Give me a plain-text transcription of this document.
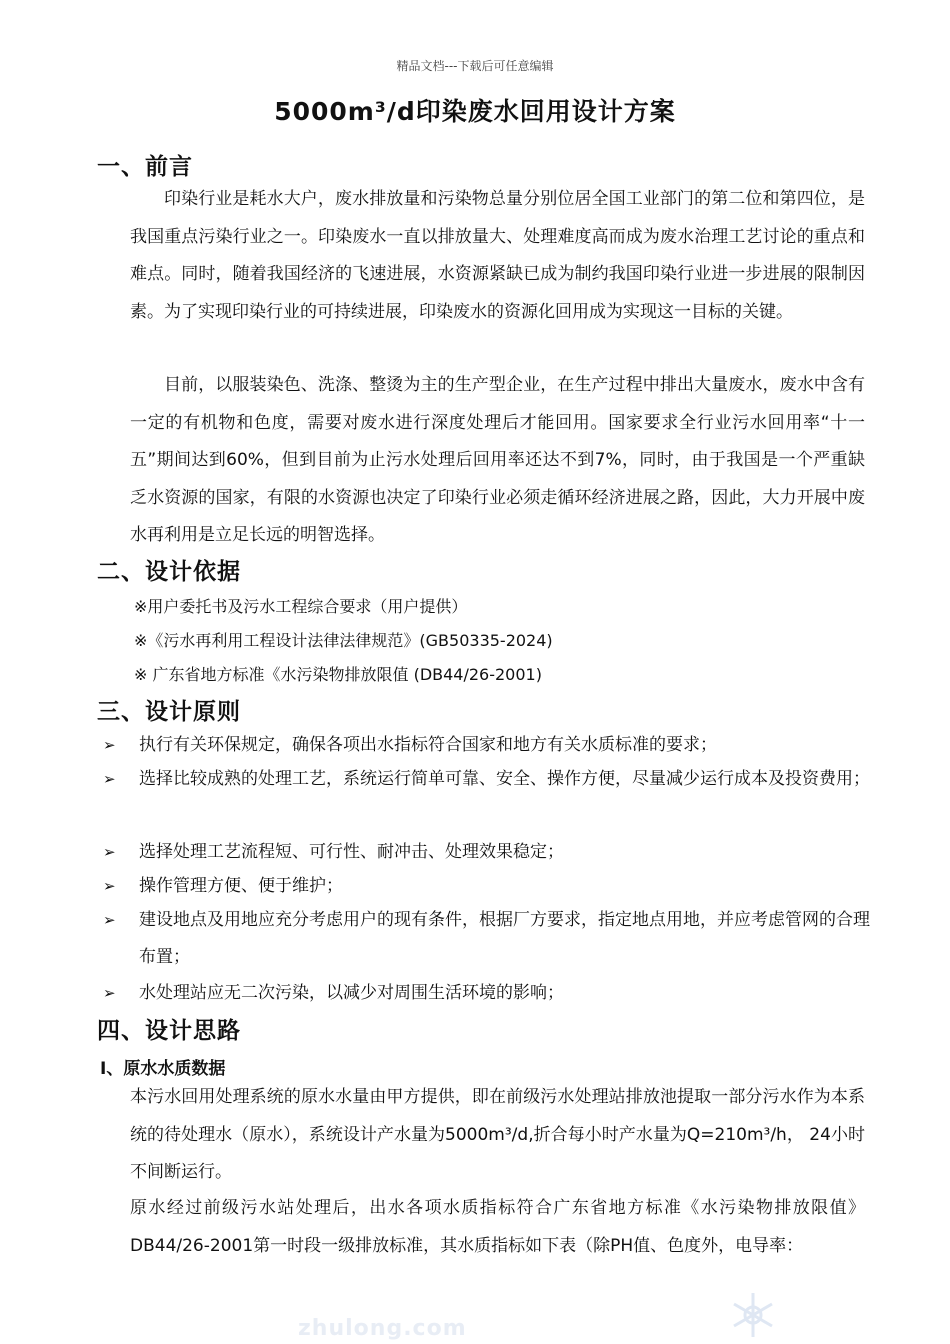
精品文档---下载后可任意编辑
5000m³/d印染废水回用设计方案
一、前言
印染行业是耗水大户，废水排放量和污染物总量分别位居全国工业部门的第二位和第四位，是我国重点污染行业之一。印染废水一直以排放量大、处理难度高而成为废水治理工艺讨论的重点和难点。同时，随着我国经济的飞速进展，水资源紧缺已成为制约我国印染行业进一步进展的限制因素。为了实现印染行业的可持续进展，印染废水的资源化回用成为实现这一目标的关键。
目前，以服装染色、洗涤、整烫为主的生产型企业，在生产过程中排出大量废水，废水中含有一定的有机物和色度，需要对废水进行深度处理后才能回用。国家要求全行业污水回用率“十一五”期间达到60%，但到目前为止污水处理后回用率还达不到7%，同时，由于我国是一个严重缺乏水资源的国家，有限的水资源也决定了印染行业必须走循环经济进展之路，因此，大力开展中废水再利用是立足长远的明智选择。
二、设计依据
※用户委托书及污水工程综合要求（用户提供）
※《污水再利用工程设计法律法律规范》(GB50335-2024)
※ 广东省地方标准《水污染物排放限值 (DB44/26-2001)
三、设计原则
➢ 执行有关环保规定，确保各项出水指标符合国家和地方有关水质标准的要求；
➢ 选择比较成熟的处理工艺，系统运行简单可靠、安全、操作方便，尽量减少运行成本及投资费用；
➢ 选择处理工艺流程短、可行性、耐冲击、处理效果稳定；
➢ 操作管理方便、便于维护；
➢ 建设地点及用地应充分考虑用户的现有条件，根据厂方要求，指定地点用地，并应考虑管网的合理布置；
➢ 水处理站应无二次污染，以减少对周围生活环境的影响；
四、设计思路
Ⅰ、原水水质数据
本污水回用处理系统的原水水量由甲方提供，即在前级污水处理站排放池提取一部分污水作为本系统的待处理水（原水），系统设计产水量为5000m³/d,折合每小时产水量为Q=210m³/h， 24小时不间断运行。
原水经过前级污水站处理后，出水各项水质指标符合广东省地方标准《水污染物排放限值》DB44/26-2001第一时段一级排放标准，其水质指标如下表（除PH值、色度外，电导率：
zhulong.com
